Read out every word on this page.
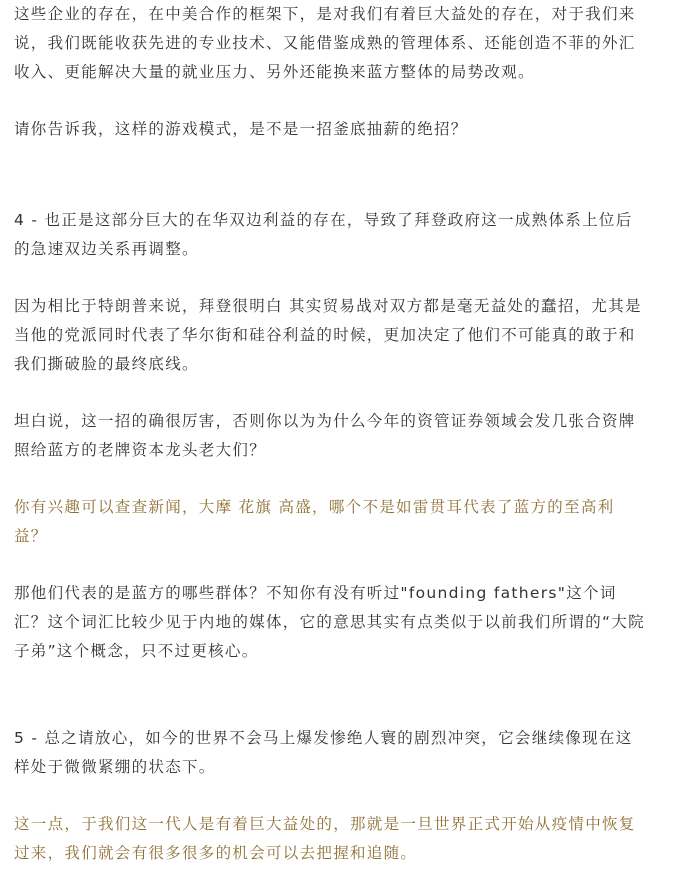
这些企业的存在，在中美合作的框架下，是对我们有着巨大益处的存在，对于我们来
说，我们既能收获先进的专业技术、又能借鉴成熟的管理体系、还能创造不菲的外汇
收入、更能解决大量的就业压力、另外还能换来蓝方整体的局势改观。

请你告诉我，这样的游戏模式，是不是一招釜底抽薪的绝招？

4 - 也正是这部分巨大的在华双边利益的存在，导致了拜登政府这一成熟体系上位后
的急速双边关系再调整。

因为相比于特朗普来说，拜登很明白 其实贸易战对双方都是毫无益处的蠢招，尤其是
当他的党派同时代表了华尔街和硅谷利益的时候，更加决定了他们不可能真的敢于和
我们撕破脸的最终底线。

坦白说，这一招的确很厉害，否则你以为为什么今年的资管证券领域会发几张合资牌
照给蓝方的老牌资本龙头老大们？

你有兴趣可以查查新闻，大摩 花旗 高盛，哪个不是如雷贯耳代表了蓝方的至高利
益？

那他们代表的是蓝方的哪些群体？不知你有没有听过"founding fathers"这个词
汇？这个词汇比较少见于内地的媒体，它的意思其实有点类似于以前我们所谓的“大院
子弟”这个概念，只不过更核心。

5 - 总之请放心，如今的世界不会马上爆发惨绝人寰的剧烈冲突，它会继续像现在这
样处于微微紧绷的状态下。

这一点，于我们这一代人是有着巨大益处的，那就是一旦世界正式开始从疫情中恢复
过来，我们就会有很多很多的机会可以去把握和追随。
